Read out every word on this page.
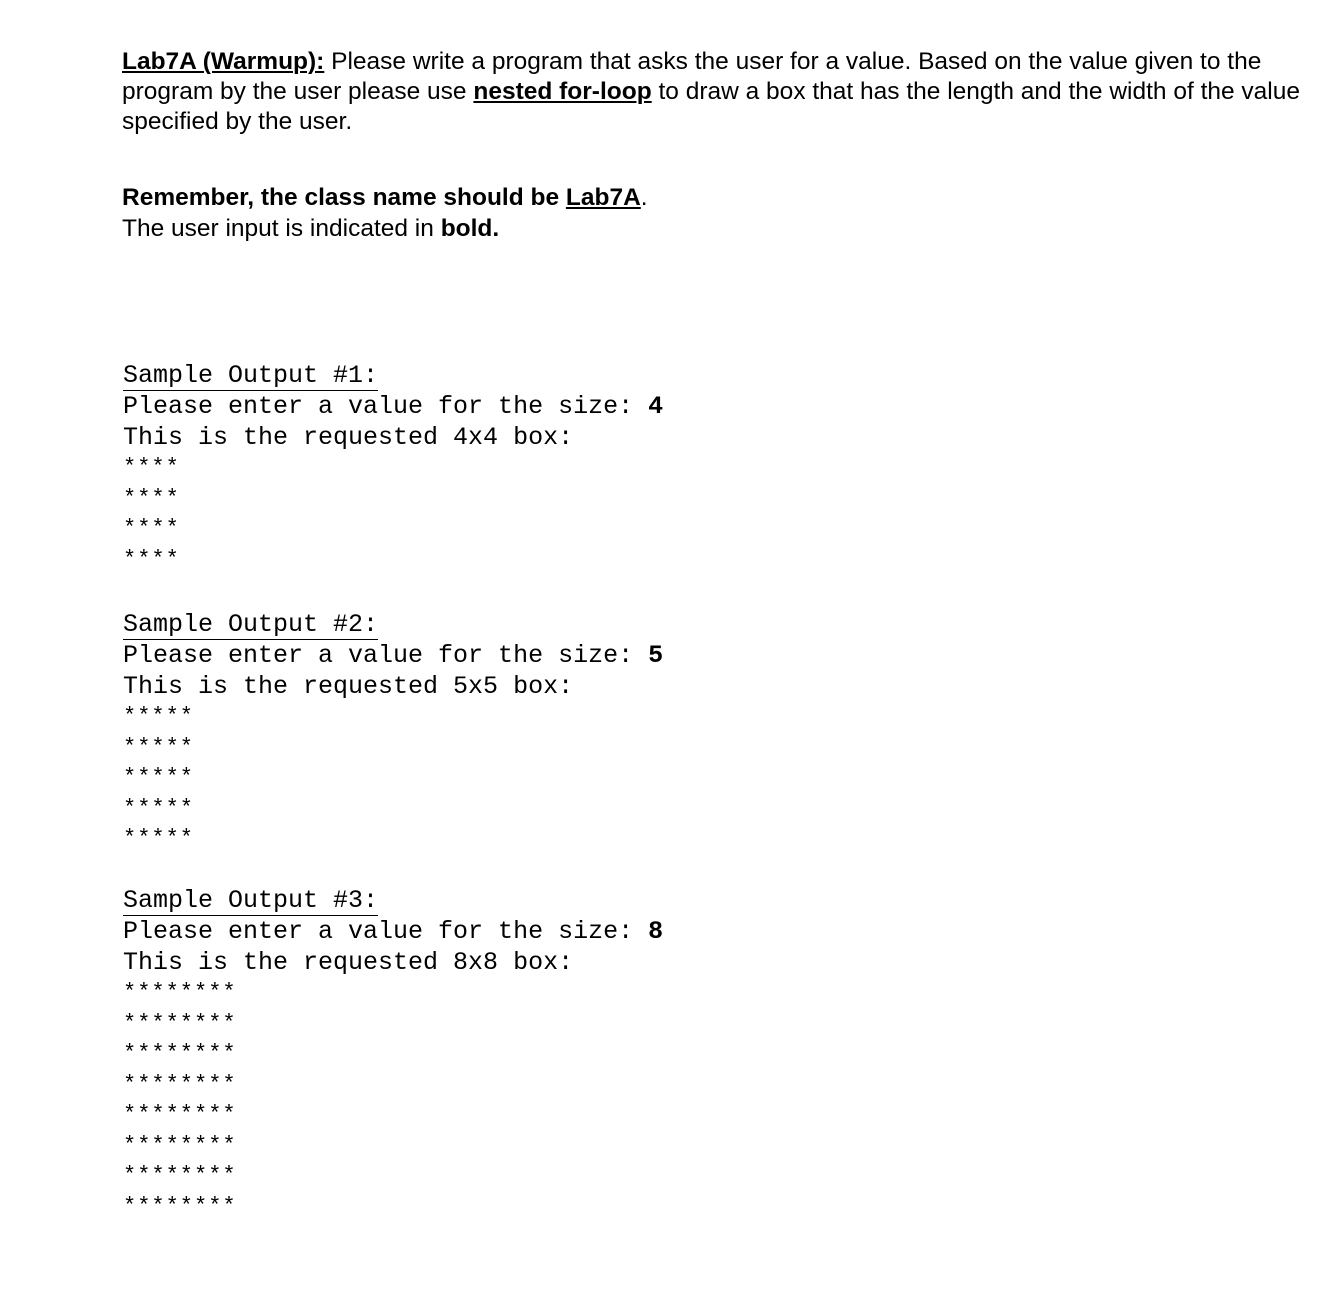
Lab7A (Warmup): Please write a program that asks the user for a value. Based on the value given to the program by the user please use nested for-loop to draw a box that has the length and the width of the value specified by the user.

Remember, the class name should be Lab7A.
The user input is indicated in bold.
Sample Output #1:
Please enter a value for the size: 4
This is the requested 4x4 box:
****
****
****
****
Sample Output #2:
Please enter a value for the size: 5
This is the requested 5x5 box:
*****
*****
*****
*****
*****
Sample Output #3:
Please enter a value for the size: 8
This is the requested 8x8 box:
********
********
********
********
********
********
********
********
